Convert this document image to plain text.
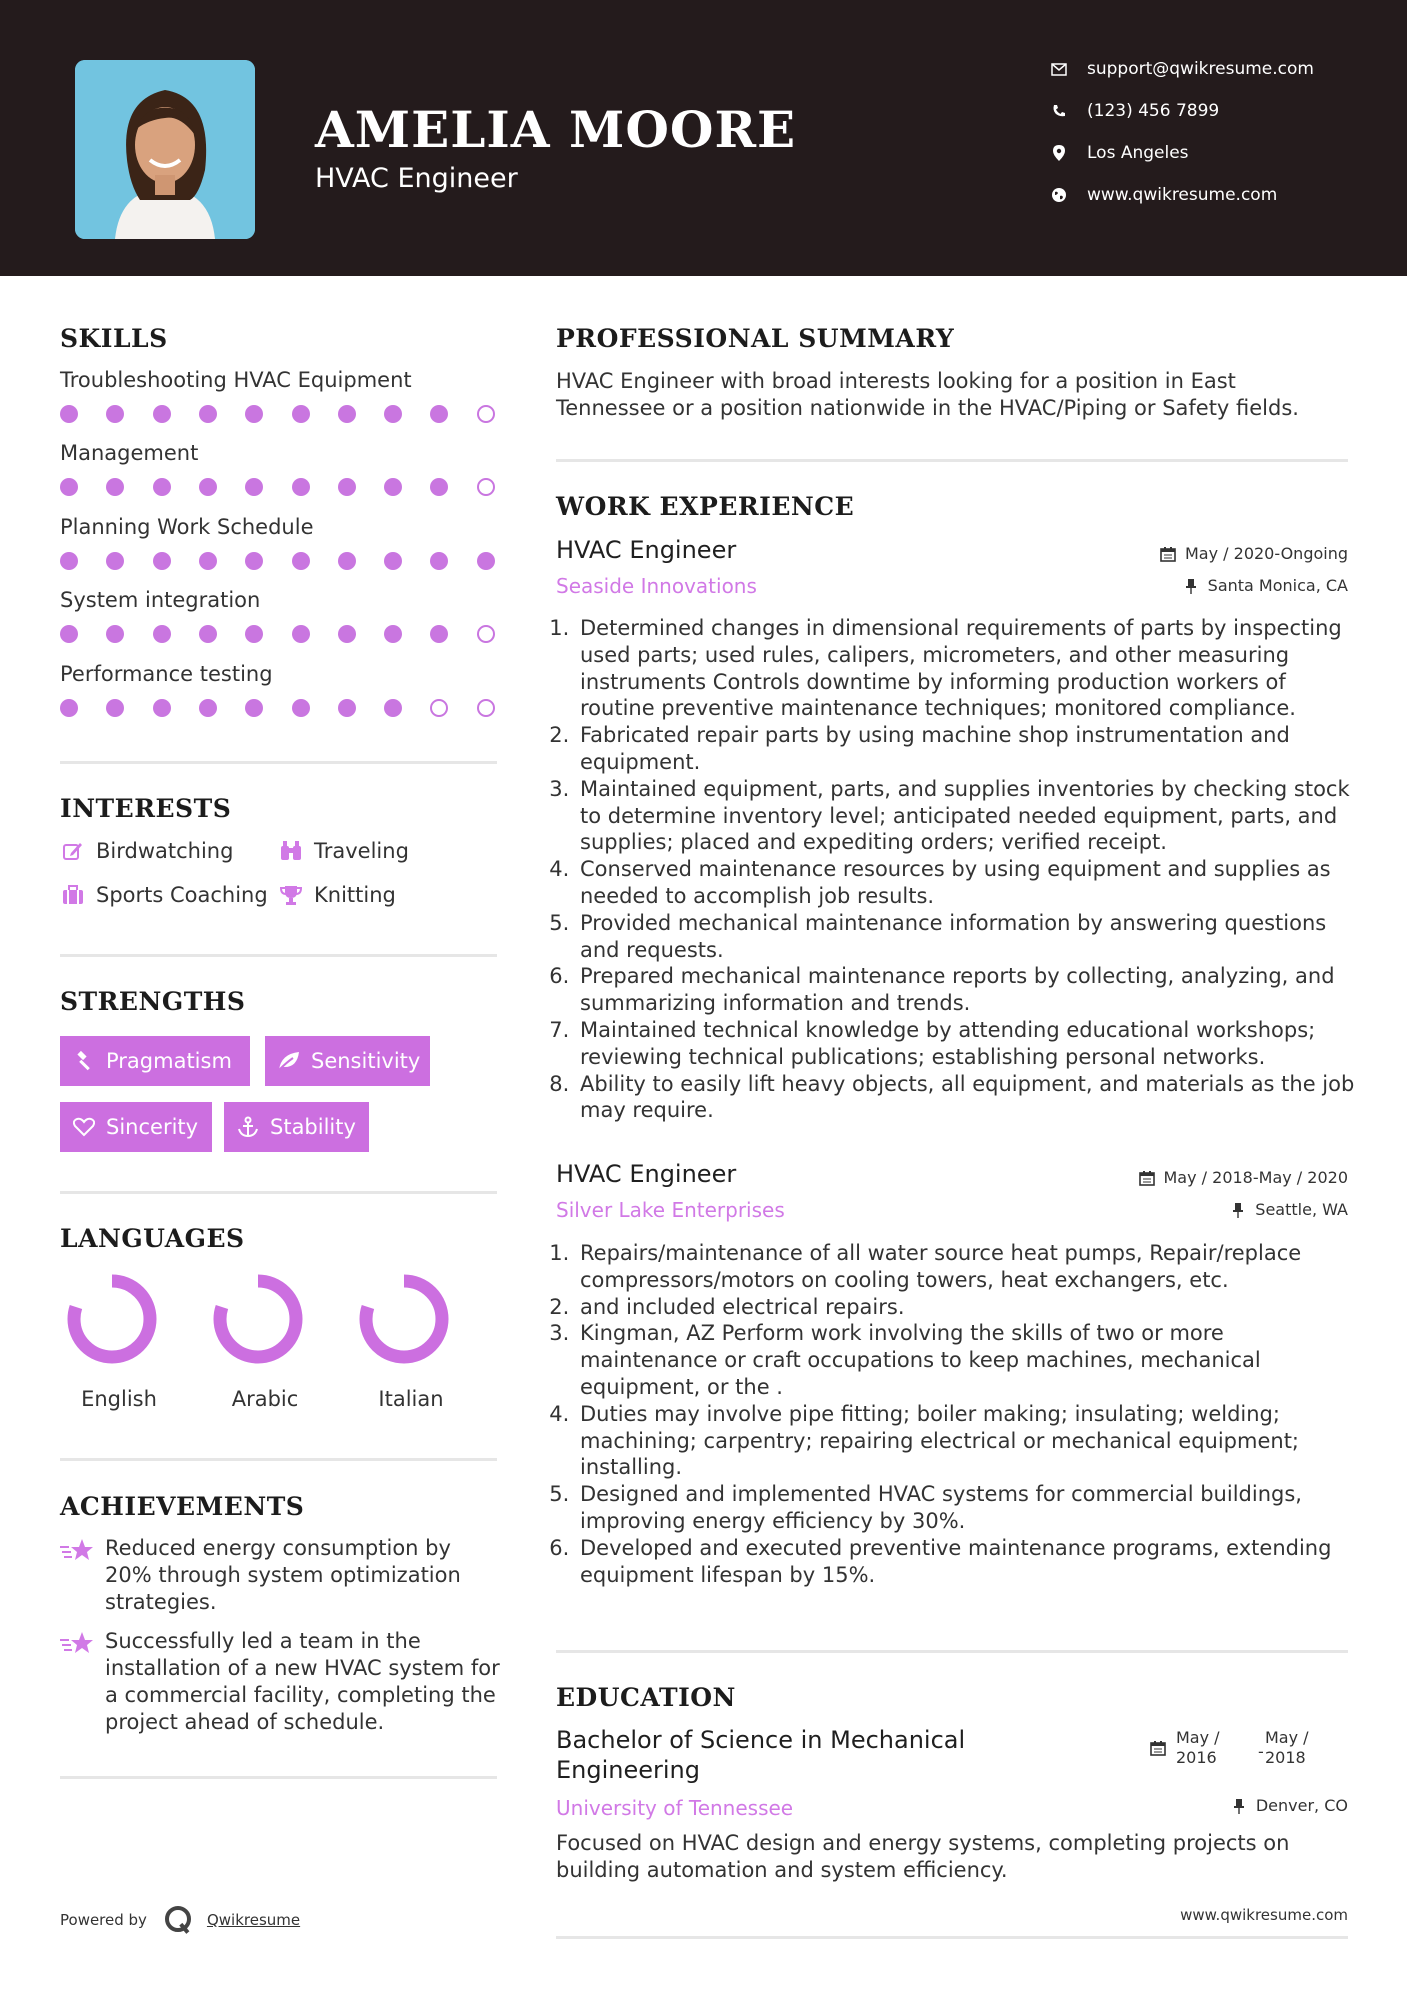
AMELIA MOORE
HVAC Engineer
support@qwikresume.com
(123) 456 7899
Los Angeles
www.qwikresume.com
SKILLS
Troubleshooting HVAC Equipment
Management
Planning Work Schedule
System integration
Performance testing
INTERESTS
Birdwatching	Traveling
Sports Coaching Knitting
STRENGTHS
Pragmatism	Sensitivity
Sincerity	Stability
LANGUAGES
English	Arabic	Italian
ACHIEVEMENTS
Reduced energy consumption by 20% through system optimization strategies.
Successfully led a team in the installation of a new HVAC system for a commercial facility, completing the project ahead of schedule.
PROFESSIONAL SUMMARY
HVAC Engineer with broad interests looking for a position in East Tennessee or a position nationwide in the HVAC/Piping or Safety fields.
WORK EXPERIENCE
HVAC Engineer
Seaside Innovations
May / 2020-Ongoing
Santa Monica, CA
1. Determined changes in dimensional requirements of parts by inspecting used parts; used rules, calipers, micrometers, and other measuring instruments Controls downtime by informing production workers of routine preventive maintenance techniques; monitored compliance.
2. Fabricated repair parts by using machine shop instrumentation and equipment.
3. Maintained equipment, parts, and supplies inventories by checking stock to determine inventory level; anticipated needed equipment, parts, and supplies; placed and expediting orders; verified receipt.
4. Conserved maintenance resources by using equipment and supplies as needed to accomplish job results.
5. Provided mechanical maintenance information by answering questions and requests.
6. Prepared mechanical maintenance reports by collecting, analyzing, and summarizing information and trends.
7. Maintained technical knowledge by attending educational workshops; reviewing technical publications; establishing personal networks.
8. Ability to easily lift heavy objects, all equipment, and materials as the job may require.
HVAC Engineer
Silver Lake Enterprises
May / 2018-May / 2020
Seattle, WA
1. Repairs/maintenance of all water source heat pumps, Repair/replace compressors/motors on cooling towers, heat exchangers, etc.
2. and included electrical repairs.
3. Kingman, AZ Perform work involving the skills of two or more maintenance or craft occupations to keep machines, mechanical equipment, or the .
4. Duties may involve pipe fitting; boiler making; insulating; welding; machining; carpentry; repairing electrical or mechanical equipment; installing.
5. Designed and implemented HVAC systems for commercial buildings, improving energy efficiency by 30%.
6. Developed and executed preventive maintenance programs, extending equipment lifespan by 15%.
EDUCATION
Bachelor of Science in Mechanical
Engineering
University of Tennessee
May /
2016	-
May /
2018
Denver, CO
Focused on HVAC design and energy systems, completing projects on building automation and system efficiency.
Powered by	Qwikresume	www.qwikresume.com
